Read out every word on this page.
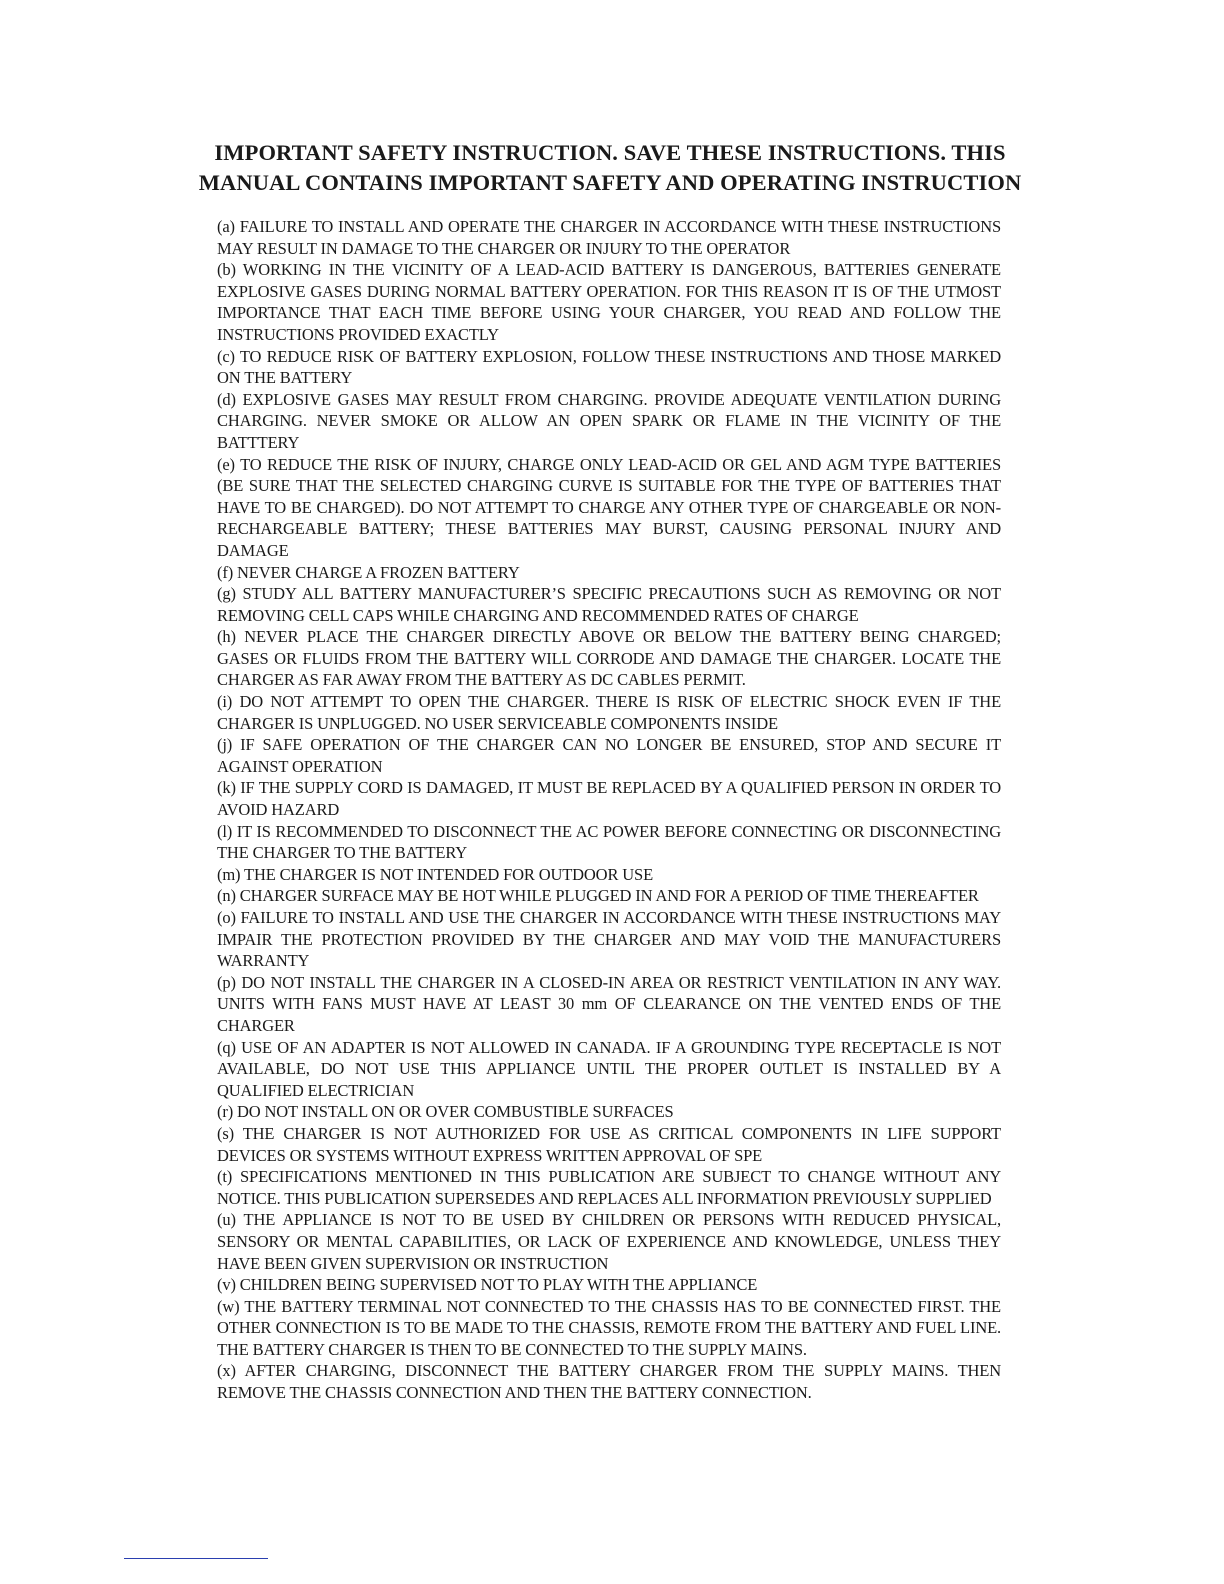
IMPORTANT SAFETY INSTRUCTION. SAVE THESE INSTRUCTIONS. THIS
MANUAL CONTAINS IMPORTANT SAFETY AND OPERATING INSTRUCTION

(a) FAILURE TO INSTALL AND OPERATE THE CHARGER IN ACCORDANCE WITH THESE INSTRUCTIONS MAY RESULT IN DAMAGE TO THE CHARGER OR INJURY TO THE OPERATOR

(b) WORKING IN THE VICINITY OF A LEAD-ACID BATTERY IS DANGEROUS, BATTERIES GENERATE EXPLOSIVE GASES DURING NORMAL BATTERY OPERATION. FOR THIS REASON IT IS OF THE UTMOST IMPORTANCE THAT EACH TIME BEFORE USING YOUR CHARGER, YOU READ AND FOLLOW THE INSTRUCTIONS PROVIDED EXACTLY

(c) TO REDUCE RISK OF BATTERY EXPLOSION, FOLLOW THESE INSTRUCTIONS AND THOSE MARKED ON THE BATTERY

(d) EXPLOSIVE GASES MAY RESULT FROM CHARGING. PROVIDE ADEQUATE VENTILATION DURING CHARGING. NEVER SMOKE OR ALLOW AN OPEN SPARK OR FLAME IN THE VICINITY OF THE BATTTERY

(e) TO REDUCE THE RISK OF INJURY, CHARGE ONLY LEAD-ACID OR GEL AND AGM TYPE BATTERIES (BE SURE THAT THE SELECTED CHARGING CURVE IS SUITABLE FOR THE TYPE OF BATTERIES THAT HAVE TO BE CHARGED). DO NOT ATTEMPT TO CHARGE ANY OTHER TYPE OF CHARGEABLE OR NON-RECHARGEABLE BATTERY; THESE BATTERIES MAY BURST, CAUSING PERSONAL INJURY AND DAMAGE

(f) NEVER CHARGE A FROZEN BATTERY

(g) STUDY ALL BATTERY MANUFACTURER’S SPECIFIC PRECAUTIONS SUCH AS REMOVING OR NOT REMOVING CELL CAPS WHILE CHARGING AND RECOMMENDED RATES OF CHARGE

(h) NEVER PLACE THE CHARGER DIRECTLY ABOVE OR BELOW THE BATTERY BEING CHARGED; GASES OR FLUIDS FROM THE BATTERY WILL CORRODE AND DAMAGE THE CHARGER. LOCATE THE CHARGER AS FAR AWAY FROM THE BATTERY AS DC CABLES PERMIT.

(i) DO NOT ATTEMPT TO OPEN THE CHARGER. THERE IS RISK OF ELECTRIC SHOCK EVEN IF THE CHARGER IS UNPLUGGED. NO USER SERVICEABLE COMPONENTS INSIDE

(j) IF SAFE OPERATION OF THE CHARGER CAN NO LONGER BE ENSURED, STOP AND SECURE IT AGAINST OPERATION

(k) IF THE SUPPLY CORD IS DAMAGED, IT MUST BE REPLACED BY A QUALIFIED PERSON IN ORDER TO AVOID HAZARD

(l) IT IS RECOMMENDED TO DISCONNECT THE AC POWER BEFORE CONNECTING OR DISCONNECTING THE CHARGER TO THE BATTERY

(m) THE CHARGER IS NOT INTENDED FOR OUTDOOR USE

(n) CHARGER SURFACE MAY BE HOT WHILE PLUGGED IN AND FOR A PERIOD OF TIME THEREAFTER

(o) FAILURE TO INSTALL AND USE THE CHARGER IN ACCORDANCE WITH THESE INSTRUCTIONS MAY IMPAIR THE PROTECTION PROVIDED BY THE CHARGER AND MAY VOID THE MANUFACTURERS WARRANTY

(p) DO NOT INSTALL THE CHARGER IN A CLOSED-IN AREA OR RESTRICT VENTILATION IN ANY WAY. UNITS WITH FANS MUST HAVE AT LEAST 30 mm OF CLEARANCE ON THE VENTED ENDS OF THE CHARGER

(q) USE OF AN ADAPTER IS NOT ALLOWED IN CANADA. IF A GROUNDING TYPE RECEPTACLE IS NOT AVAILABLE, DO NOT USE THIS APPLIANCE UNTIL THE PROPER OUTLET IS INSTALLED BY A QUALIFIED ELECTRICIAN

(r) DO NOT INSTALL ON OR OVER COMBUSTIBLE SURFACES

(s) THE CHARGER IS NOT AUTHORIZED FOR USE AS CRITICAL COMPONENTS IN LIFE SUPPORT DEVICES OR SYSTEMS WITHOUT EXPRESS WRITTEN APPROVAL OF SPE

(t) SPECIFICATIONS MENTIONED IN THIS PUBLICATION ARE SUBJECT TO CHANGE WITHOUT ANY NOTICE. THIS PUBLICATION SUPERSEDES AND REPLACES ALL INFORMATION PREVIOUSLY SUPPLIED

(u) THE APPLIANCE IS NOT TO BE USED BY CHILDREN OR PERSONS WITH REDUCED PHYSICAL, SENSORY OR MENTAL CAPABILITIES, OR LACK OF EXPERIENCE AND KNOWLEDGE, UNLESS THEY HAVE BEEN GIVEN SUPERVISION OR INSTRUCTION

(v) CHILDREN BEING SUPERVISED NOT TO PLAY WITH THE APPLIANCE

(w) THE BATTERY TERMINAL NOT CONNECTED TO THE CHASSIS HAS TO BE CONNECTED FIRST. THE OTHER CONNECTION IS TO BE MADE TO THE CHASSIS, REMOTE FROM THE BATTERY AND FUEL LINE. THE BATTERY CHARGER IS THEN TO BE CONNECTED TO THE SUPPLY MAINS.

(x) AFTER CHARGING, DISCONNECT THE BATTERY CHARGER FROM THE SUPPLY MAINS. THEN REMOVE THE CHASSIS CONNECTION AND THEN THE BATTERY CONNECTION.
